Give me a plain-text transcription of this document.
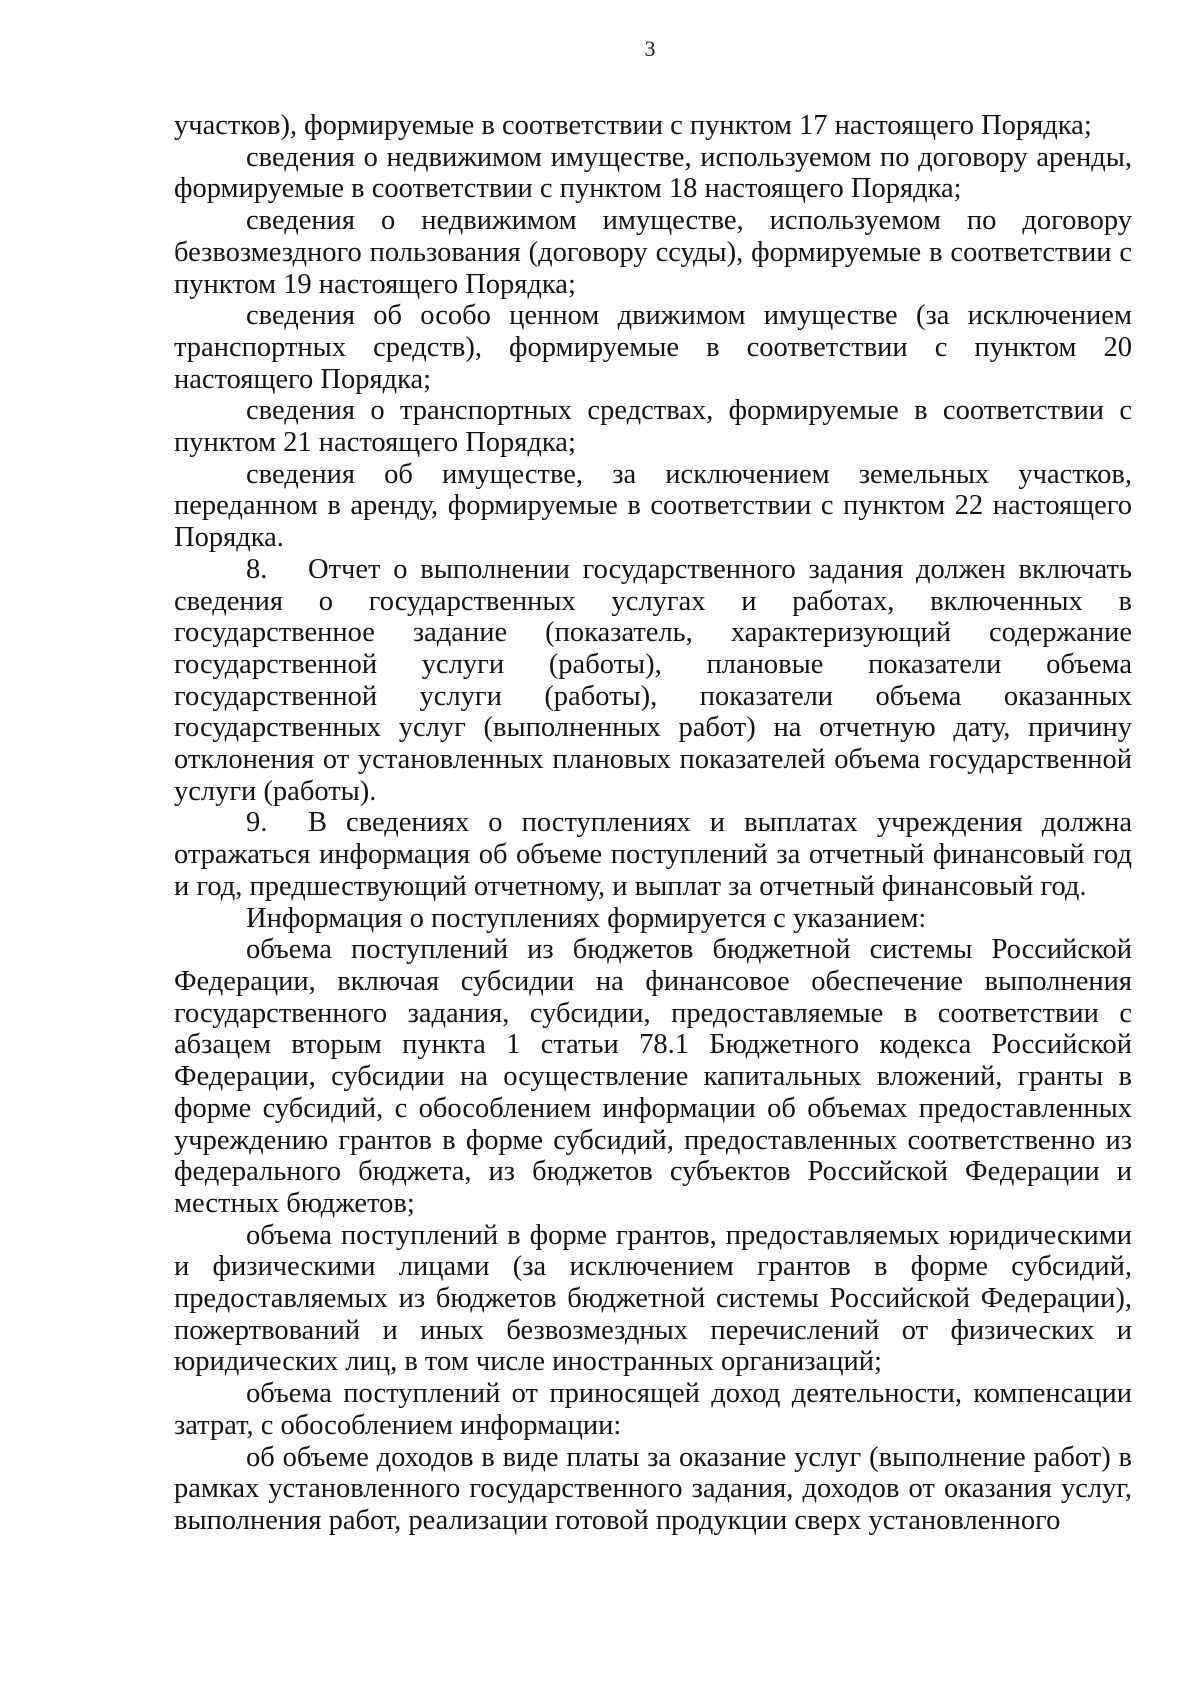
3

участков), формируемые в соответствии с пунктом 17 настоящего Порядка;

сведения о недвижимом имуществе, используемом по договору аренды, формируемые в соответствии с пунктом 18 настоящего Порядка;

сведения о недвижимом имуществе, используемом по договору безвозмездного пользования (договору ссуды), формируемые в соответствии с пунктом 19 настоящего Порядка;

сведения об особо ценном движимом имуществе (за исключением транспортных средств), формируемые в соответствии с пунктом 20 настоящего Порядка;

сведения о транспортных средствах, формируемые в соответствии с пунктом 21 настоящего Порядка;

сведения об имуществе, за исключением земельных участков, переданном в аренду, формируемые в соответствии с пунктом 22 настоящего Порядка.

8. Отчет о выполнении государственного задания должен включать сведения о государственных услугах и работах, включенных в государственное задание (показатель, характеризующий содержание государственной услуги (работы), плановые показатели объема государственной услуги (работы), показатели объема оказанных государственных услуг (выполненных работ) на отчетную дату, причину отклонения от установленных плановых показателей объема государственной услуги (работы).

9. В сведениях о поступлениях и выплатах учреждения должна отражаться информация об объеме поступлений за отчетный финансовый год и год, предшествующий отчетному, и выплат за отчетный финансовый год.

Информация о поступлениях формируется с указанием:

объема поступлений из бюджетов бюджетной системы Российской Федерации, включая субсидии на финансовое обеспечение выполнения государственного задания, субсидии, предоставляемые в соответствии с абзацем вторым пункта 1 статьи 78.1 Бюджетного кодекса Российской Федерации, субсидии на осуществление капитальных вложений, гранты в форме субсидий, с обособлением информации об объемах предоставленных учреждению грантов в форме субсидий, предоставленных соответственно из федерального бюджета, из бюджетов субъектов Российской Федерации и местных бюджетов;

объема поступлений в форме грантов, предоставляемых юридическими и физическими лицами (за исключением грантов в форме субсидий, предоставляемых из бюджетов бюджетной системы Российской Федерации), пожертвований и иных безвозмездных перечислений от физических и юридических лиц, в том числе иностранных организаций;

объема поступлений от приносящей доход деятельности, компенсации затрат, с обособлением информации:

об объеме доходов в виде платы за оказание услуг (выполнение работ) в рамках установленного государственного задания, доходов от оказания услуг, выполнения работ, реализации готовой продукции сверх установленного
